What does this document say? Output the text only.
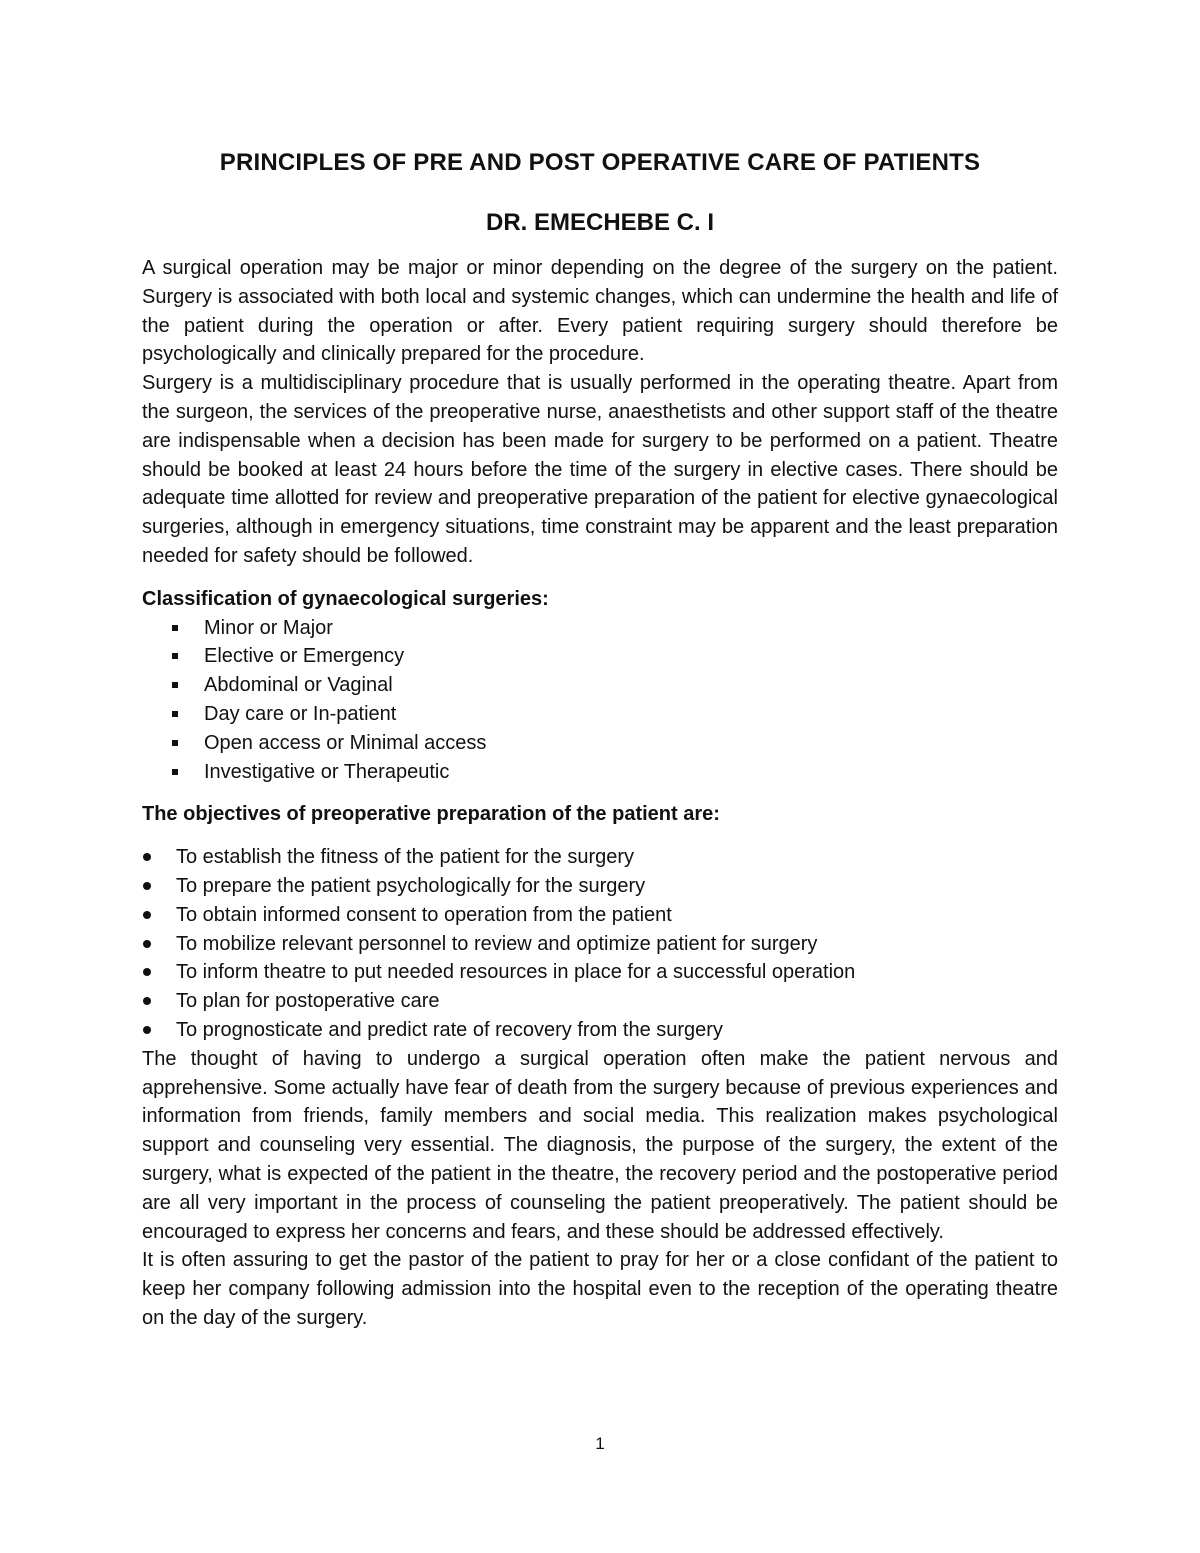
PRINCIPLES OF PRE AND POST OPERATIVE CARE OF PATIENTS
DR. EMECHEBE C. I

A surgical operation may be major or minor depending on the degree of the surgery on the patient. Surgery is associated with both local and systemic changes, which can undermine the health and life of the patient during the operation or after. Every patient requiring surgery should therefore be psychologically and clinically prepared for the procedure.

Surgery is a multidisciplinary procedure that is usually performed in the operating theatre. Apart from the surgeon, the services of the preoperative nurse, anaesthetists and other support staff of the theatre are indispensable when a decision has been made for surgery to be performed on a patient. Theatre should be booked at least 24 hours before the time of the surgery in elective cases. There should be adequate time allotted for review and preoperative preparation of the patient for elective gynaecological surgeries, although in emergency situations, time constraint may be apparent and the least preparation needed for safety should be followed.

Classification of gynaecological surgeries:

Minor or Major
Elective or Emergency
Abdominal or Vaginal
Day care or In-patient
Open access or Minimal access
Investigative or Therapeutic

The objectives of preoperative preparation of the patient are:

To establish the fitness of the patient for the surgery
To prepare the patient psychologically for the surgery
To obtain informed consent to operation from the patient
To mobilize relevant personnel to review and optimize patient for surgery
To inform theatre to put needed resources in place for a successful operation
To plan for postoperative care
To prognosticate and predict rate of recovery from the surgery

The thought of having to undergo a surgical operation often make the patient nervous and apprehensive. Some actually have fear of death from the surgery because of previous experiences and information from friends, family members and social media. This realization makes psychological support and counseling very essential. The diagnosis, the purpose of the surgery, the extent of the surgery, what is expected of the patient in the theatre, the recovery period and the postoperative period are all very important in the process of counseling the patient preoperatively. The patient should be encouraged to express her concerns and fears, and these should be addressed effectively.

It is often assuring to get the pastor of the patient to pray for her or a close confidant of the patient to keep her company following admission into the hospital even to the reception of the operating theatre on the day of the surgery.

1
